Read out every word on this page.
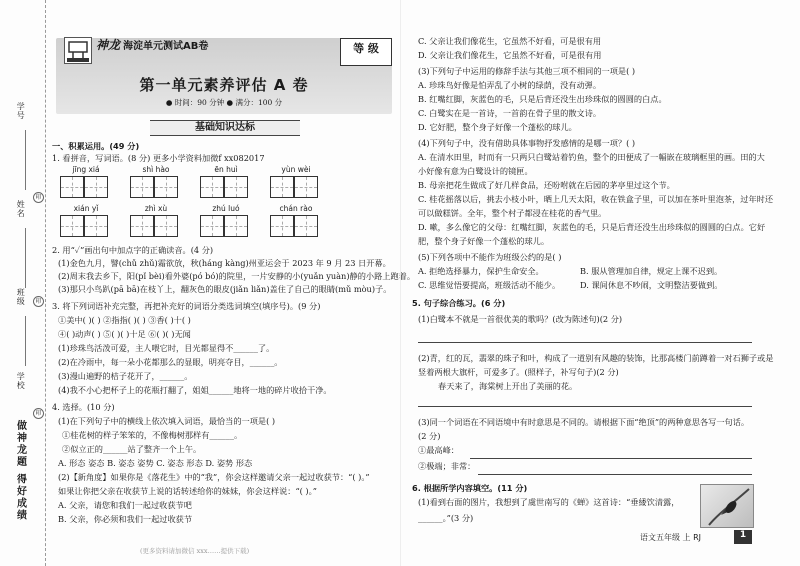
学号
姓名
班级
学校
做神龙题 得好成绩
印
印
印
神龙 海淀单元测试AB卷	等 级
第一单元素养评估 A 卷
● 时间：90 分钟 ● 满分：100 分
基础知识达标
一、积累运用。(49 分)
1. 看拼音，写词语。(8 分) 更多小学资料加微f xx082017
jīng xiá	shì hào	ēn huì	yùn wèi
xián yǐ	zhì xù	zhú luó	chán rào
2. 用“✓”画出句中加点字的正确读音。(4 分)
(1)金色九月，譬(chǔ zhǔ)霜欲放，秋(háng kàng)州亚运会于 2023 年 9 月 23 日开幕。
(2)周末我去乡下，阳(pǐ bèi)看外婆(pó bó)的院里，一片安静的小(yuǎn yuàn)静的小路上跑着。
(3)那只小鸟趴(pā bā)在枝丫上，翻灰色的眼皮(jiǎn liǎn)盖住了自己的眼睛(mǔ mòu)子。
3. 将下列词语补充完整，再把补充好的词语分类选词填空(填序号)。(9 分)
①美中( )( ) ②指指( )( ) ③香( )十( )
④( )动声( ) ⑤( )( )十足 ⑥( )( )无闻
(1)珍珠鸟活泼可爱，主人喂它时，目光都显得不______了。
(2)在冷雨中，每一朵小花都那么的显眼，明亮夺目，______。
(3)漫山遍野的桔子花开了，______。
(4)我不小心把杯子上的花瓶打翻了，姐姐______地将一地的碎片收拾干净。
4. 选择。(10 分)
(1)在下列句子中的横线上依次填入词语，最恰当的一项是( )
①桂花树的样子笨笨的，不像梅树那样有______。
②似立正的______站了整齐一个上午。
A. 形态 姿态 B. 姿态 姿势 C. 姿态 形态 D. 姿势 形态
(2)【新角度】如果你是《落花生》中的“我”，你会这样邀请父亲一起过收获节：“( )。”
如果让你把父亲在收获节上说的话转述给你的妹妹，你会这样说：“( )。”
A. 父亲，请您和我们一起过收获节吧
B. 父亲，你必须和我们一起过收获节
(更多资料请加微信 xxx……提供下载)
C. 父亲让我们像花生，它虽然不好看，可是很有用
D. 父亲让我们像花生，它虽然不好看，可是很有用
(3)下列句子中运用的修辞手法与其他三项不相同的一项是( )
A. 珍珠鸟好像是怕弄乱了小树的绿荫，没有动弹。
B. 红嘴红脚，灰蓝色的毛，只是后背还没生出珍珠似的圆圆的白点。
C. 白鹭实在是一首诗，一首韵在骨子里的散文诗。
D. 它好肥，整个身子好像一个蓬松的球儿。
(4)下列句子中，没有借助具体事物抒发感情的是哪一项？( )
A. 在清水田里，时而有一只两只白鹭站着钓鱼，整个的田便成了一幅嵌在玻璃框里的画。田的大
小好像有意为白鹭设计的镜匣。
B. 母亲把花生做成了好几样食品，还吩咐就在后园的茅亭里过这个节。
C. 桂花摇落以后，挑去小枝小叶，晒上几天太阳，收在铁盒子里，可以加在茶叶里泡茶，过年时还
可以做糕饼。全年，整个村子都浸在桂花的香气里。
D. 嗽，多么像它的父母：红嘴红脚，灰蓝色的毛，只是后背还没生出珍珠似的圆圆的白点。它好
肥，整个身子好像一个蓬松的球儿。
(5)下列各项中不能作为班级公约的是( )
A. 拒绝选择暴力，保护生命安全。	B. 服从管理加自律，规定上课不迟到。
C. 思维觉悟要提高，班级活动不能少。 D. 课间休息不吵闹，文明整洁要做到。
5. 句子综合练习。(6 分)
(1)白鹭本不就是一首很优美的歌吗？(改为陈述句)(2 分)
(2)青，红的瓦，翡翠的珠子和叶，构成了一道别有风趣的装饰，比那高楼门前蹲着一对石狮子或是
竖着两根大旗杆，可爱多了。(照样子，补写句子)(2 分)
春天来了，海棠树上开出了美丽的花。
(3)同一个词语在不同语境中有时意思是不同的。请根据下面“绝顶”的两种意思各写一句话。
(2 分)
①最高峰：
②极端；非常：
6. 根据所学内容填空。(11 分)
(1)看到右面的图片，我想到了虞世南写的《蝉》这首诗：“垂緌饮清露，
______。”(3 分)
语文五年级 上 RJ	1
